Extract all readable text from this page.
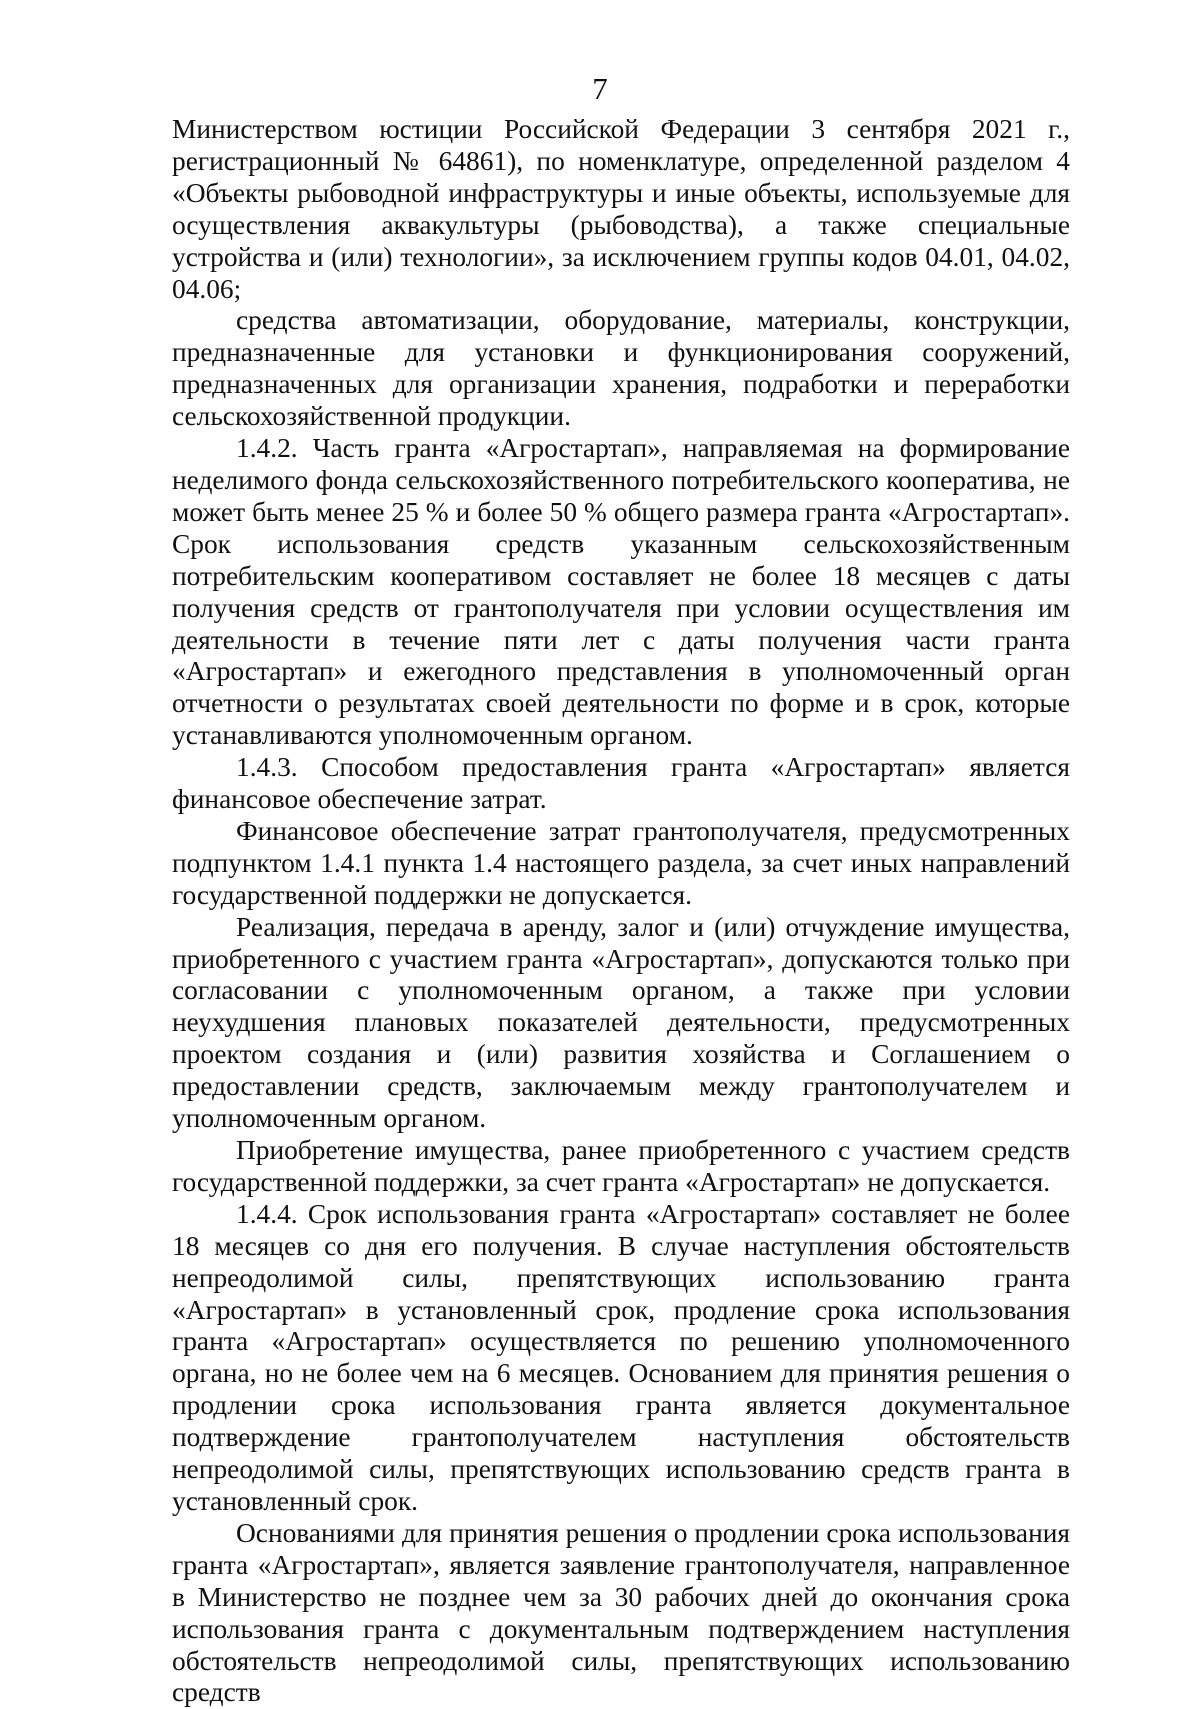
7

Министерством юстиции Российской Федерации 3 сентября 2021 г., регистрационный № 64861), по номенклатуре, определенной разделом 4 «Объекты рыбоводной инфраструктуры и иные объекты, используемые для осуществления аквакультуры (рыбоводства), а также специальные устройства и (или) технологии», за исключением группы кодов 04.01, 04.02, 04.06;

средства автоматизации, оборудование, материалы, конструкции, предназначенные для установки и функционирования сооружений, предназначенных для организации хранения, подработки и переработки сельскохозяйственной продукции.

1.4.2. Часть гранта «Агростартап», направляемая на формирование неделимого фонда сельскохозяйственного потребительского кооператива, не может быть менее 25 % и более 50 % общего размера гранта «Агростартап». Срок использования средств указанным сельскохозяйственным потребительским кооперативом составляет не более 18 месяцев с даты получения средств от грантополучателя при условии осуществления им деятельности в течение пяти лет с даты получения части гранта «Агростартап» и ежегодного представления в уполномоченный орган отчетности о результатах своей деятельности по форме и в срок, которые устанавливаются уполномоченным органом.

1.4.3. Способом предоставления гранта «Агростартап» является финансовое обеспечение затрат.

Финансовое обеспечение затрат грантополучателя, предусмотренных подпунктом 1.4.1 пункта 1.4 настоящего раздела, за счет иных направлений государственной поддержки не допускается.

Реализация, передача в аренду, залог и (или) отчуждение имущества, приобретенного с участием гранта «Агростартап», допускаются только при согласовании с уполномоченным органом, а также при условии неухудшения плановых показателей деятельности, предусмотренных проектом создания и (или) развития хозяйства и Соглашением о предоставлении средств, заключаемым между грантополучателем и уполномоченным органом.

Приобретение имущества, ранее приобретенного с участием средств государственной поддержки, за счет гранта «Агростартап» не допускается.

1.4.4. Срок использования гранта «Агростартап» составляет не более 18 месяцев со дня его получения. В случае наступления обстоятельств непреодолимой силы, препятствующих использованию гранта «Агростартап» в установленный срок, продление срока использования гранта «Агростартап» осуществляется по решению уполномоченного органа, но не более чем на 6 месяцев. Основанием для принятия решения о продлении срока использования гранта является документальное подтверждение грантополучателем наступления обстоятельств непреодолимой силы, препятствующих использованию средств гранта в установленный срок.

Основаниями для принятия решения о продлении срока использования гранта «Агростартап», является заявление грантополучателя, направленное в Министерство не позднее чем за 30 рабочих дней до окончания срока использования гранта с документальным подтверждением наступления обстоятельств непреодолимой силы, препятствующих использованию средств
